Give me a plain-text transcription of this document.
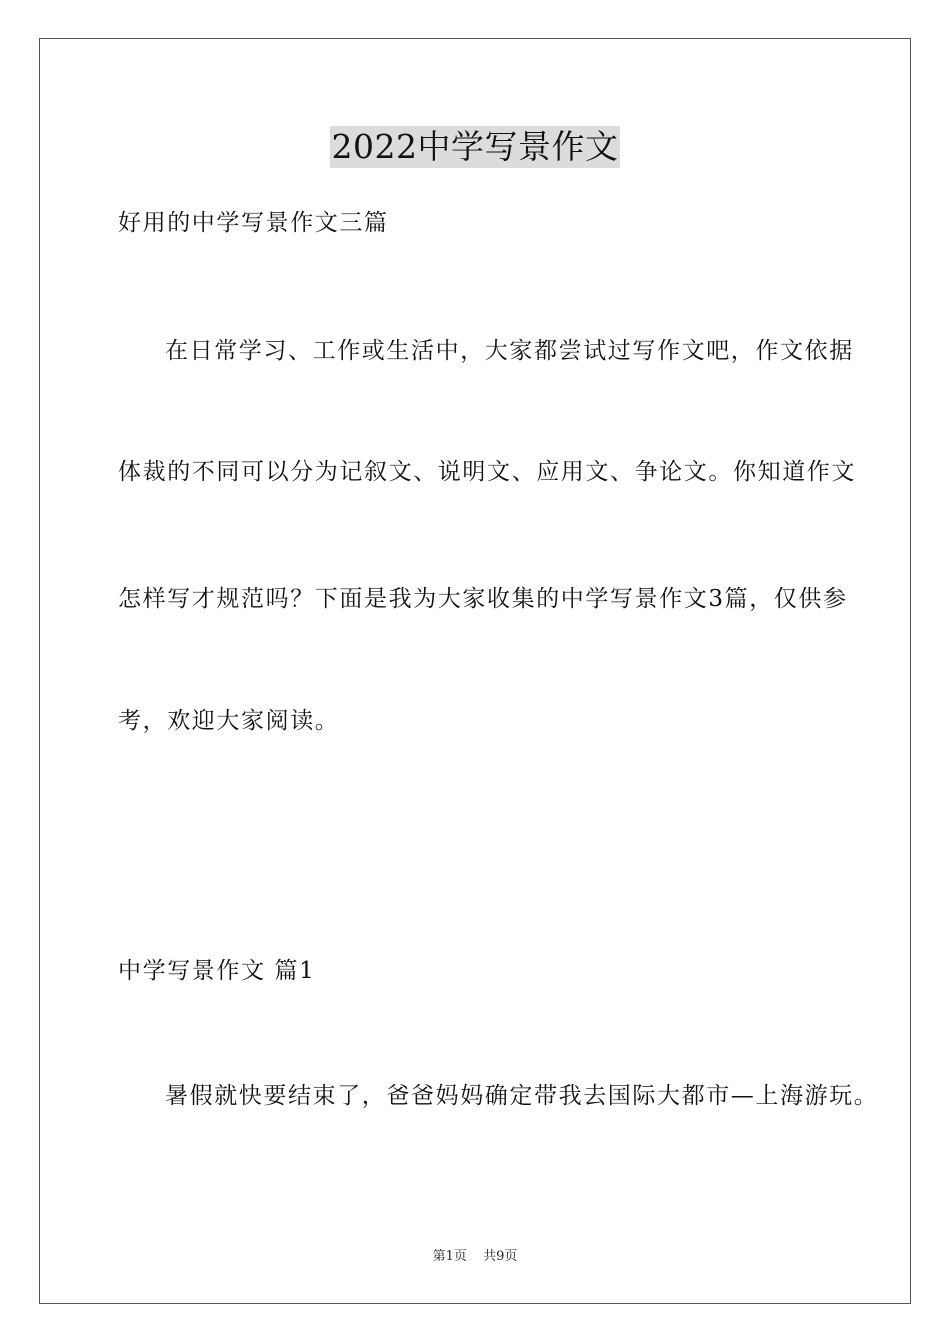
2022中学写景作文
好用的中学写景作文三篇
在日常学习、工作或生活中，大家都尝试过写作文吧，作文依据
体裁的不同可以分为记叙文、说明文、应用文、争论文。你知道作文
怎样写才规范吗？下面是我为大家收集的中学写景作文3篇，仅供参
考，欢迎大家阅读。
中学写景作文 篇1
暑假就快要结束了，爸爸妈妈确定带我去国际大都市—上海游玩。
第1页 共9页
